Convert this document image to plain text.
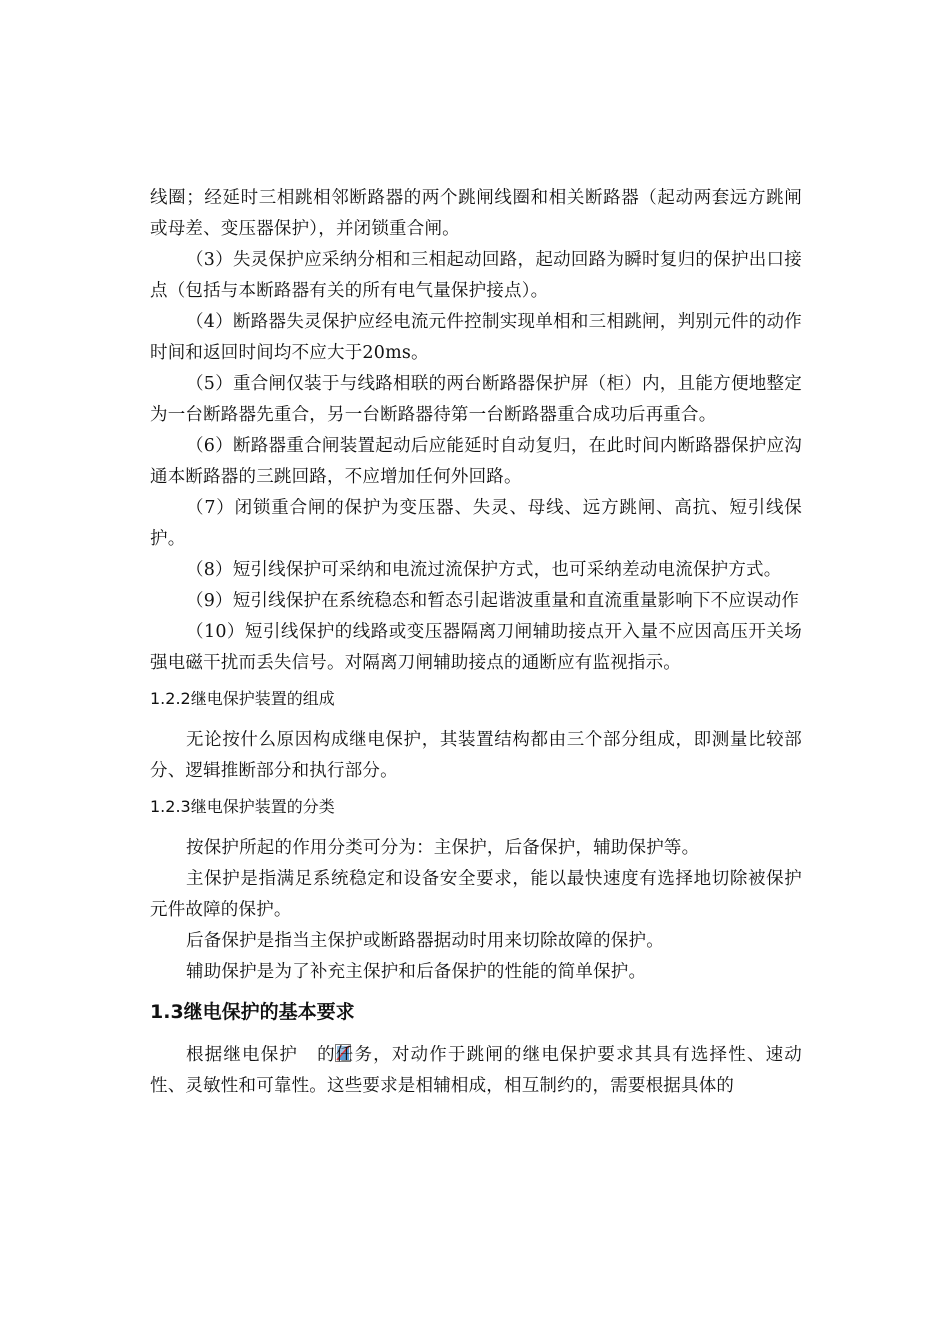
线圈；经延时三相跳相邻断路器的两个跳闸线圈和相关断路器（起动两套远方跳闸或母差、变压器保护），并闭锁重合闸。

（3）失灵保护应采纳分相和三相起动回路，起动回路为瞬时复归的保护出口接点（包括与本断路器有关的所有电气量保护接点）。

（4）断路器失灵保护应经电流元件控制实现单相和三相跳闸，判别元件的动作时间和返回时间均不应大于20ms。

（5）重合闸仅装于与线路相联的两台断路器保护屏（柜）内，且能方便地整定为一台断路器先重合，另一台断路器待第一台断路器重合成功后再重合。

（6）断路器重合闸装置起动后应能延时自动复归，在此时间内断路器保护应沟通本断路器的三跳回路，不应增加任何外回路。

（7）闭锁重合闸的保护为变压器、失灵、母线、远方跳闸、高抗、短引线保护。

（8）短引线保护可采纳和电流过流保护方式，也可采纳差动电流保护方式。

（9）短引线保护在系统稳态和暂态引起谐波重量和直流重量影响下不应误动作

（10）短引线保护的线路或变压器隔离刀闸辅助接点开入量不应因高压开关场强电磁干扰而丢失信号。对隔离刀闸辅助接点的通断应有监视指示。

1.2.2继电保护装置的组成

无论按什么原因构成继电保护，其装置结构都由三个部分组成，即测量比较部分、逻辑推断部分和执行部分。

1.2.3继电保护装置的分类

按保护所起的作用分类可分为：主保护，后备保护，辅助保护等。

主保护是指满足系统稳定和设备安全要求，能以最快速度有选择地切除被保护 元件故障的保护。

后备保护是指当主保护或断路器据动时用来切除故障的保护。

辅助保护是为了补充主保护和后备保护的性能的简单保护。

1.3继电保护的基本要求

根据继电保护 的任务，对动作于跳闸的继电保护要求其具有选择性、速动性、灵敏性和可靠性。这些要求是相辅相成，相互制约的，需要根据具体的
